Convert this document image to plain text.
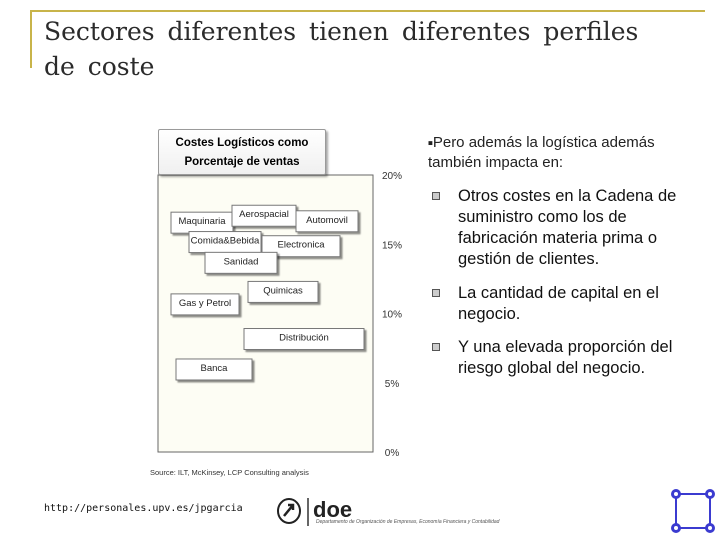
Sectores diferentes tienen diferentes perfiles de coste
0%
5%
10%
15%
20%
Maquinaria
Aerospacial
Automovil
Comida&Bebida Electronica
Sanidad
Quimicas
Gas y Petrol
Distribución
Banca
Costes Logísticos como Porcentaje de ventas
Source: ILT, McKinsey, LCP Consulting analysis
■Pero además la logística además también impacta en:
Otros costes en la Cadena de suministro como los de fabricación materia prima o gestión de clientes.
La cantidad de capital en el negocio.
Y una elevada proporción del riesgo global del negocio.
http://personales.upv.es/jpgarcia	doe
Departamento de Organización de Empresas, Economía Financiera y Contabilidad
